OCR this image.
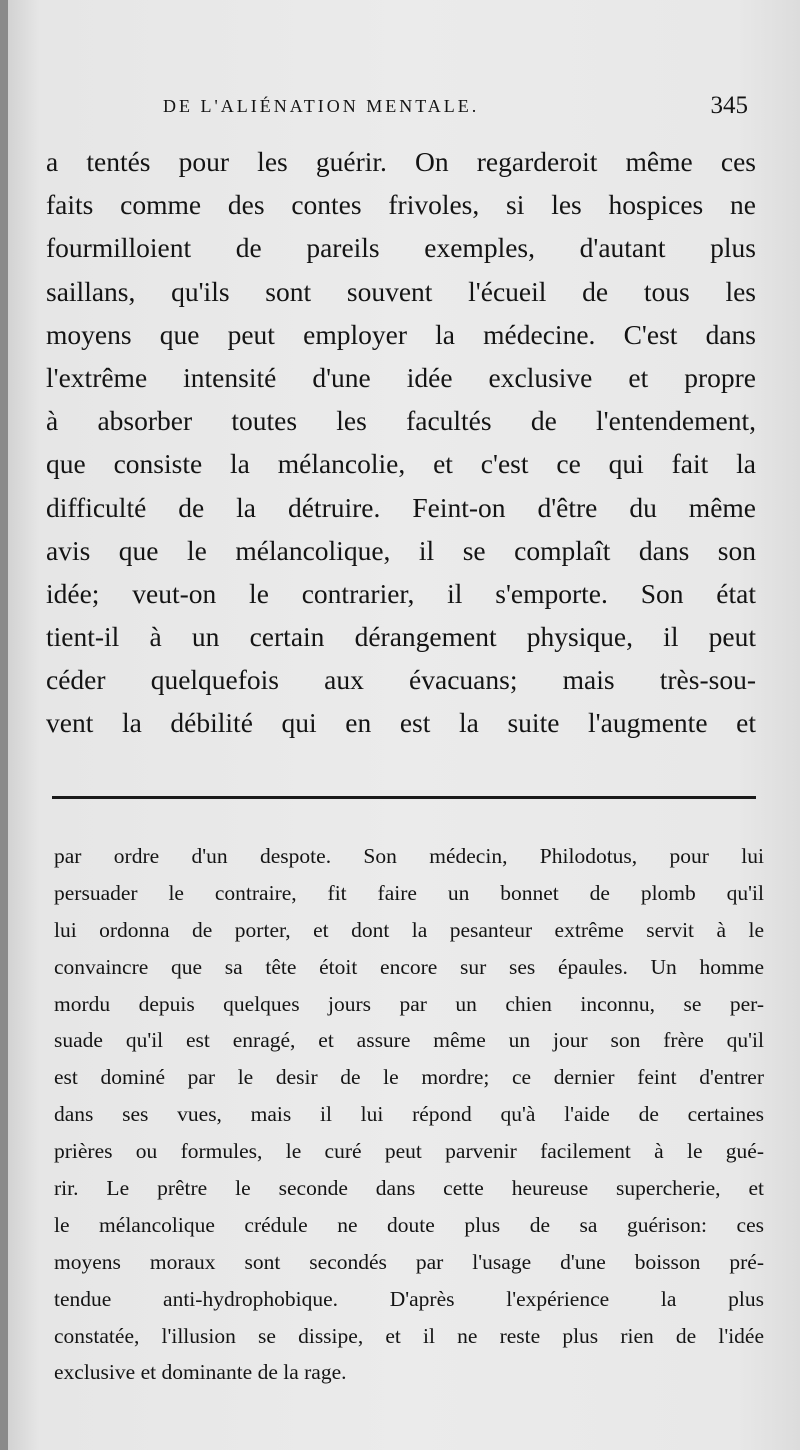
DE L'ALIÉNATION MENTALE.	345
a tentés pour les guérir. On regarderoit même ces
faits comme des contes frivoles, si les hospices ne
fourmilloient de pareils exemples, d'autant plus
saillans, qu'ils sont souvent l'écueil de tous les
moyens que peut employer la médecine. C'est dans
l'extrême intensité d'une idée exclusive et propre
à absorber toutes les facultés de l'entendement,
que consiste la mélancolie, et c'est ce qui fait la
difficulté de la détruire. Feint-on d'être du même
avis que le mélancolique, il se complaît dans son
idée; veut-on le contrarier, il s'emporte. Son état
tient-il à un certain dérangement physique, il peut
céder quelquefois aux évacuans; mais très-sou-
vent la débilité qui en est la suite l'augmente et
par ordre d'un despote. Son médecin, Philodotus, pour lui
persuader le contraire, fit faire un bonnet de plomb qu'il
lui ordonna de porter, et dont la pesanteur extrême servit à le
convaincre que sa tête étoit encore sur ses épaules. Un homme
mordu depuis quelques jours par un chien inconnu, se per-
suade qu'il est enragé, et assure même un jour son frère qu'il
est dominé par le desir de le mordre; ce dernier feint d'entrer
dans ses vues, mais il lui répond qu'à l'aide de certaines
prières ou formules, le curé peut parvenir facilement à le gué-
rir. Le prêtre le seconde dans cette heureuse supercherie, et
le mélancolique crédule ne doute plus de sa guérison: ces
moyens moraux sont secondés par l'usage d'une boisson pré-
tendue anti-hydrophobique. D'après l'expérience la plus
constatée, l'illusion se dissipe, et il ne reste plus rien de l'idée
exclusive et dominante de la rage.
